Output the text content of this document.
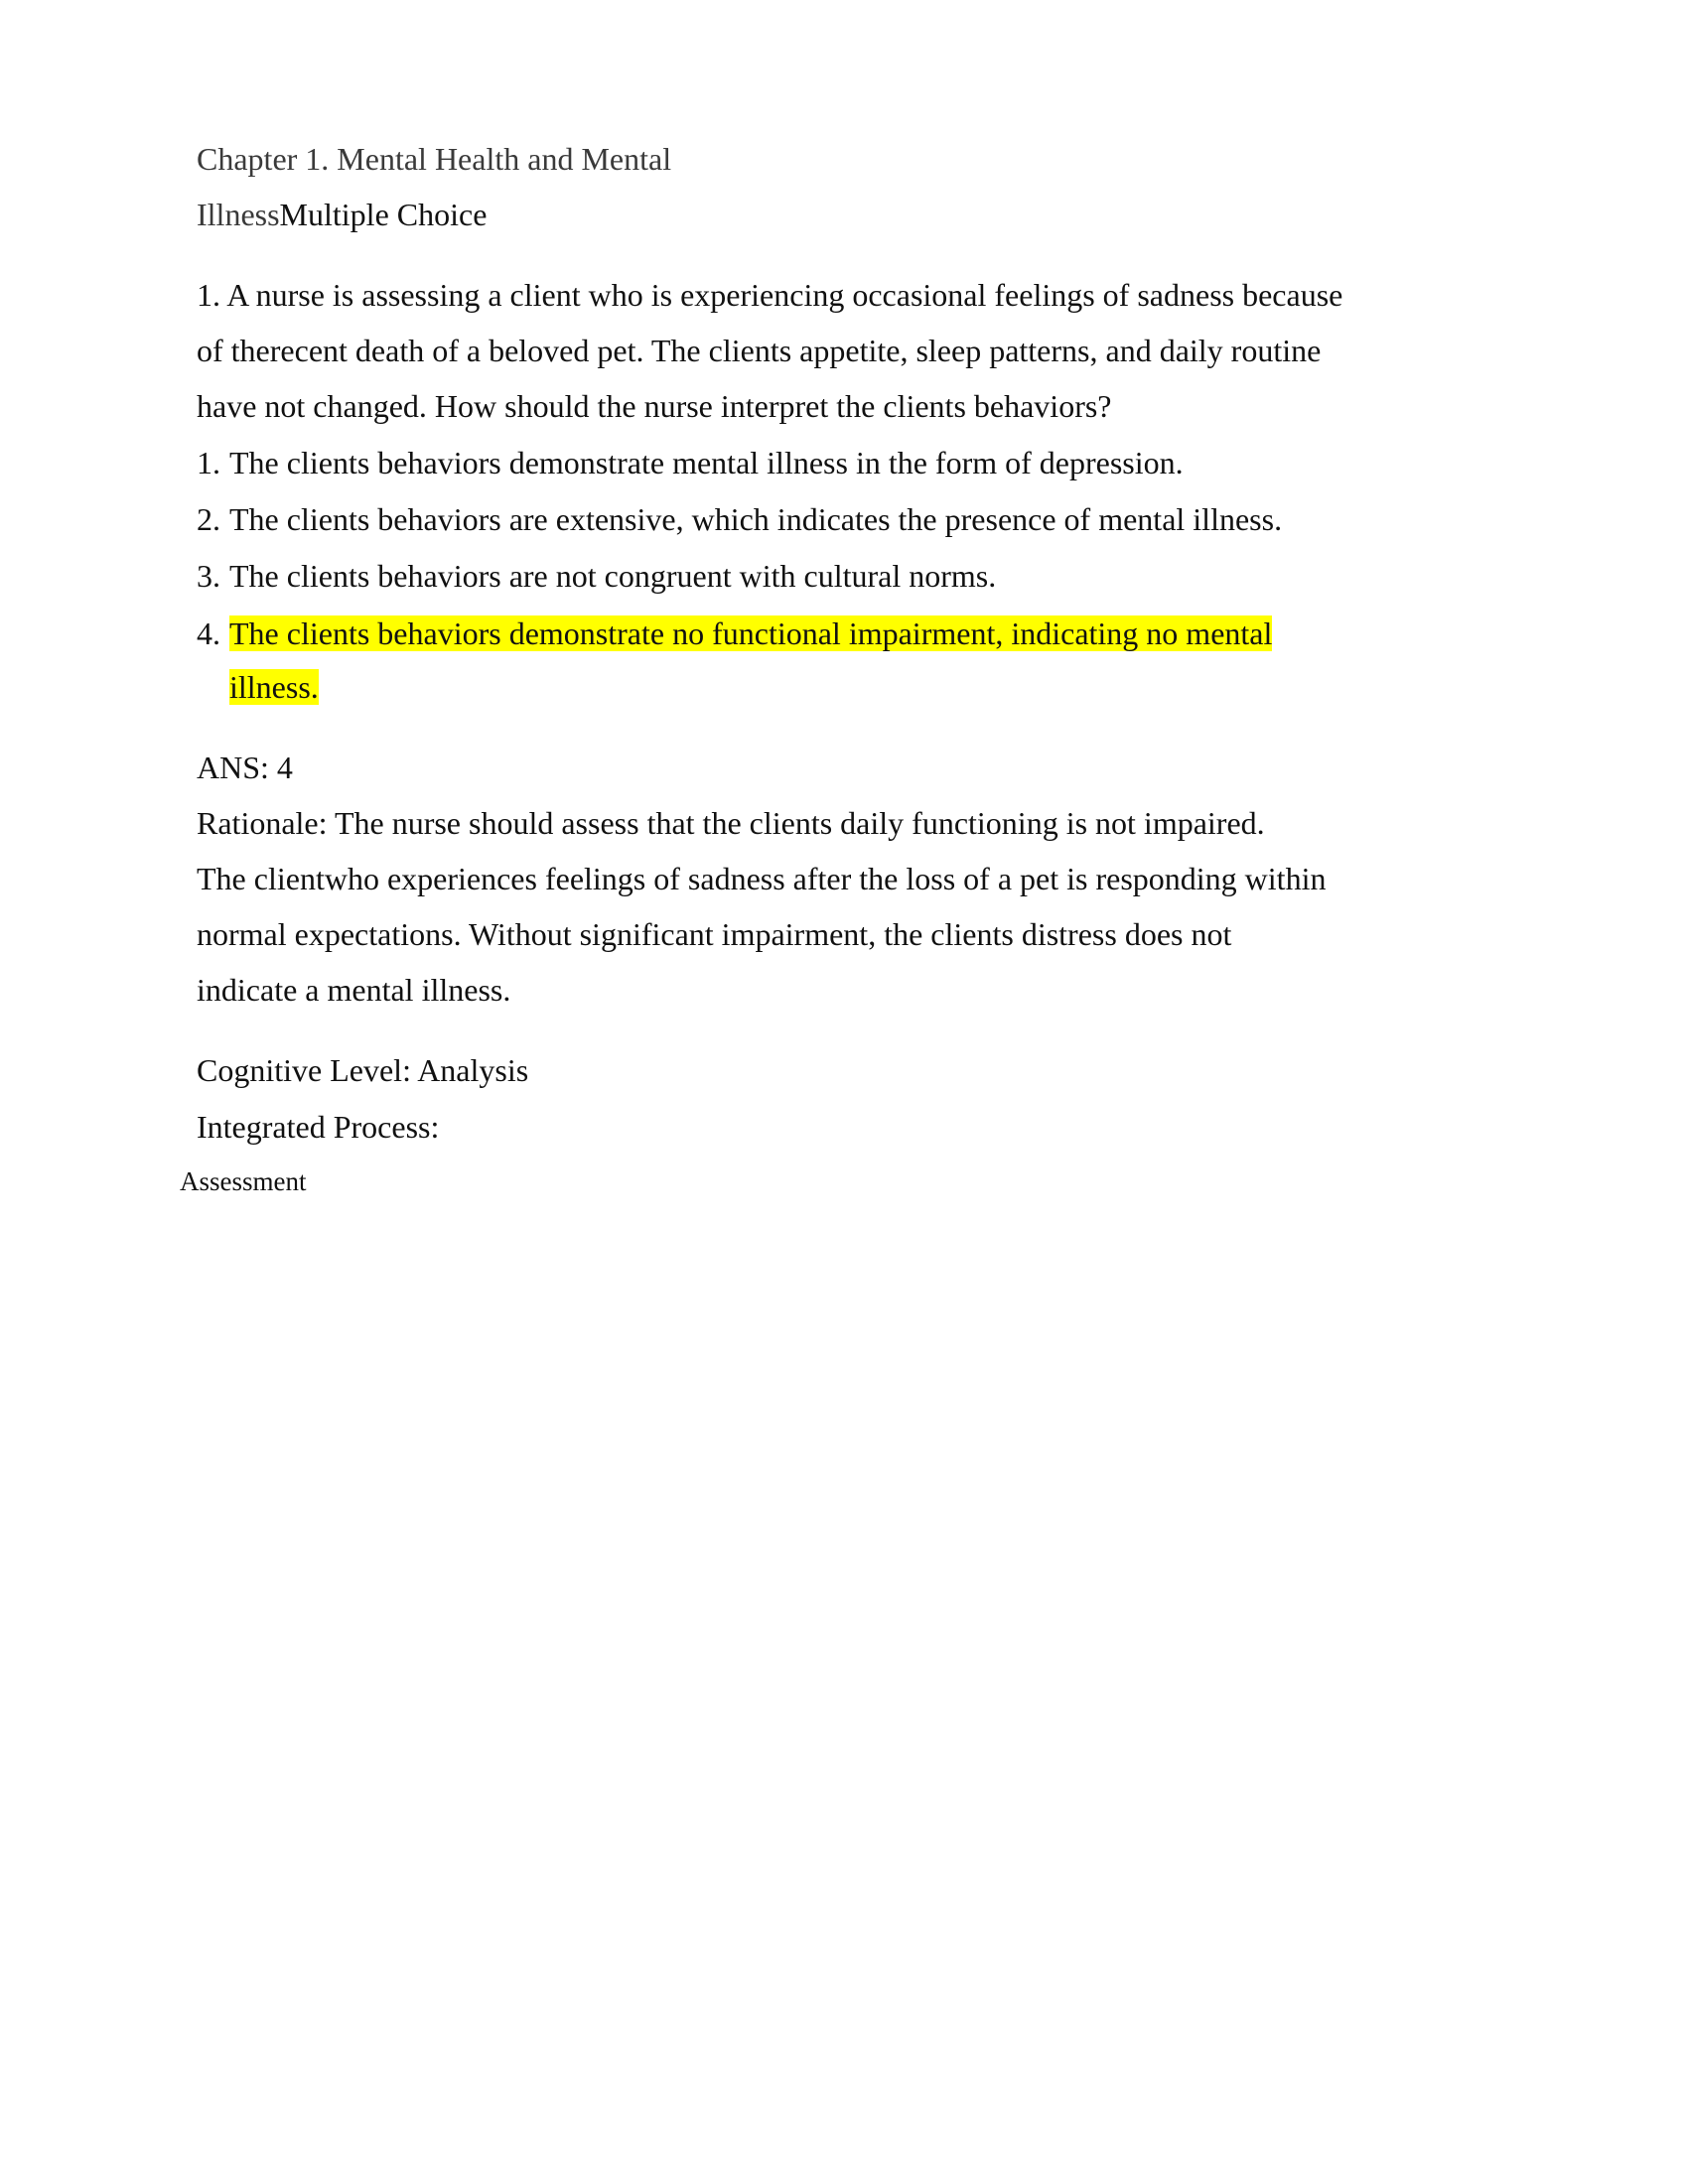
Chapter 1. Mental Health and Mental
IllnessMultiple Choice
1. A nurse is assessing a client who is experiencing occasional feelings of sadness because
of therecent death of a beloved pet. The clients appetite, sleep patterns, and daily routine
have not changed. How should the nurse interpret the clients behaviors?
1. The clients behaviors demonstrate mental illness in the form of depression.
2. The clients behaviors are extensive, which indicates the presence of mental illness.
3. The clients behaviors are not congruent with cultural norms.
4. The clients behaviors demonstrate no functional impairment, indicating no mental
illness.
ANS: 4
Rationale: The nurse should assess that the clients daily functioning is not impaired.
The clientwho experiences feelings of sadness after the loss of a pet is responding within
normal expectations. Without significant impairment, the clients distress does not
indicate a mental illness.
Cognitive Level: Analysis
Integrated Process:
Assessment
